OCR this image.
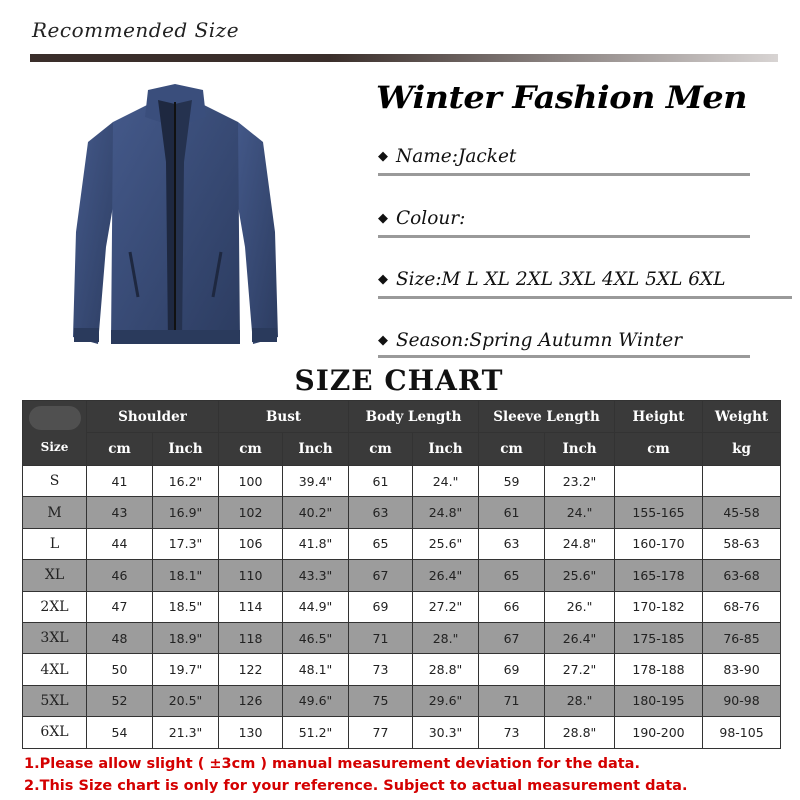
Recommended Size
Winter Fashion Men
◆ Name:Jacket
◆ Colour:
◆ Size:M L XL 2XL 3XL 4XL 5XL 6XL
◆ Season:Spring Autumn Winter
SIZE CHART
Size	Shoulder		Bust		Body Length		Sleeve Length		Height	Weight
	cm	Inch	cm	Inch	cm	Inch	cm	Inch	cm	kg
S	41	16.2"	100	39.4"	61	24."	59	23.2"		
M	43	16.9"	102	40.2"	63	24.8"	61	24."	155-165	45-58
L	44	17.3"	106	41.8"	65	25.6"	63	24.8"	160-170	58-63
XL	46	18.1"	110	43.3"	67	26.4"	65	25.6"	165-178	63-68
2XL	47	18.5"	114	44.9"	69	27.2"	66	26."	170-182	68-76
3XL	48	18.9"	118	46.5"	71	28."	67	26.4"	175-185	76-85
4XL	50	19.7"	122	48.1"	73	28.8"	69	27.2"	178-188	83-90
5XL	52	20.5"	126	49.6"	75	29.6"	71	28."	180-195	90-98
6XL	54	21.3"	130	51.2"	77	30.3"	73	28.8"	190-200	98-105
1.Please allow slight ( ±3cm ) manual measurement deviation for the data.
2.This Size chart is only for your reference. Subject to actual measurement data.
